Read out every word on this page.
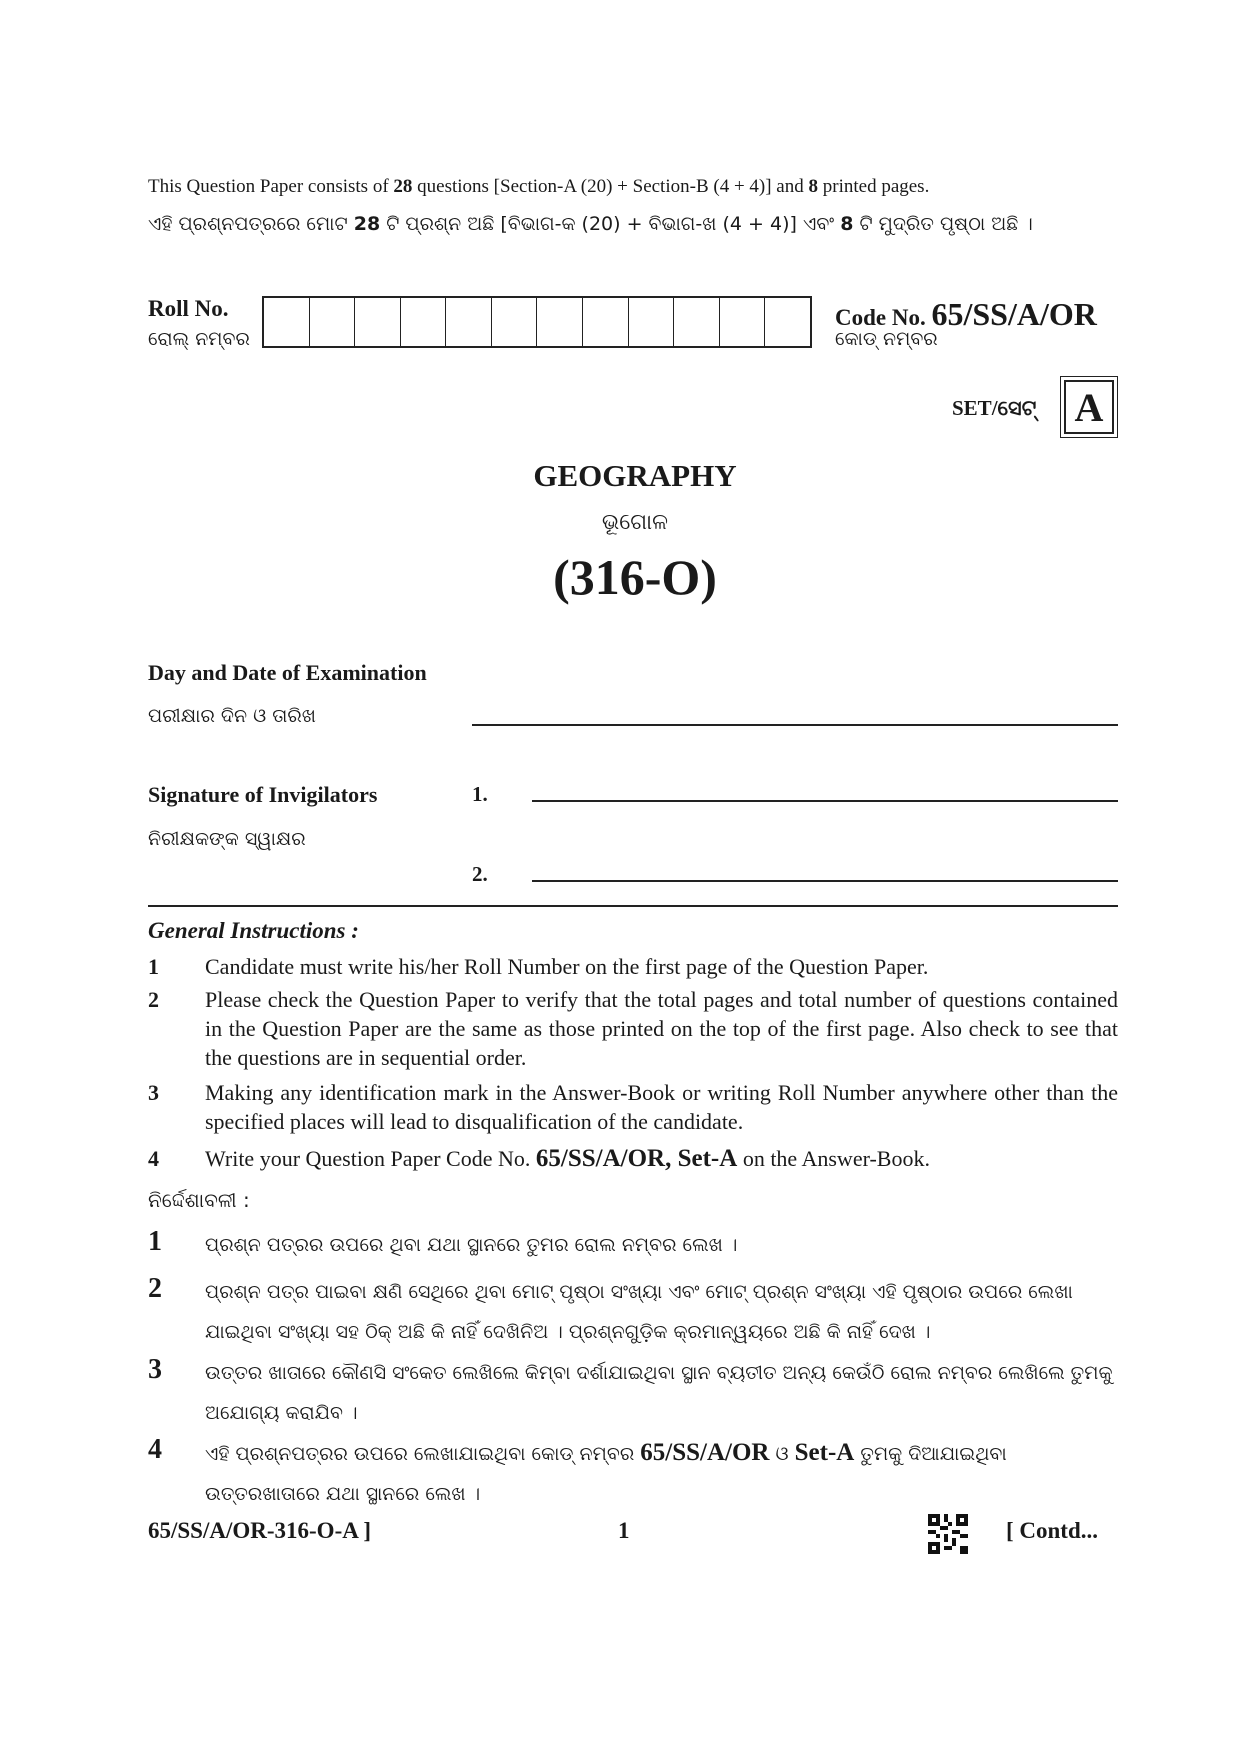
This Question Paper consists of 28 questions [Section-A (20) + Section-B (4 + 4)] and 8 printed pages.
ଏହି ପ୍ରଶ୍ନପତ୍ରରେ ମୋଟ 28 ଟି ପ୍ରଶ୍ନ ଅଛି [ବିଭାଗ-କ (20) + ବିଭାଗ-ଖ (4 + 4)] ଏବଂ 8 ଟି ମୁଦ୍ରିତ ପୃଷ୍ଠା ଅଛି ।
Roll No.
ରୋଲ୍ ନମ୍ବର
Code No. 65/SS/A/OR
କୋଡ୍ ନମ୍ବର
SET/ସେଟ୍ A
GEOGRAPHY
ଭୂଗୋଳ
(316-O)
Day and Date of Examination
ପରୀକ୍ଷାର ଦିନ ଓ ତାରିଖ
Signature of Invigilators
ନିରୀକ୍ଷକଙ୍କ ସ୍ୱାକ୍ଷର
1.
2.
General Instructions :
1	Candidate must write his/her Roll Number on the first page of the Question Paper.
2	Please check the Question Paper to verify that the total pages and total number of questions contained in the Question Paper are the same as those printed on the top of the first page. Also check to see that the questions are in sequential order.
3	Making any identification mark in the Answer-Book or writing Roll Number anywhere other than the specified places will lead to disqualification of the candidate.
4	Write your Question Paper Code No. 65/SS/A/OR, Set-A on the Answer-Book.
ନିର୍ଦ୍ଦେଶାବଳୀ :
1	ପ୍ରଶ୍ନ ପତ୍ରର ଉପରେ ଥିବା ଯଥା ସ୍ଥାନରେ ତୁମର ରୋଲ ନମ୍ବର ଲେଖ ।
2	ପ୍ରଶ୍ନ ପତ୍ର ପାଇବା କ୍ଷଣି ସେଥିରେ ଥିବା ମୋଟ୍ ପୃଷ୍ଠା ସଂଖ୍ୟା ଏବଂ ମୋଟ୍ ପ୍ରଶ୍ନ ସଂଖ୍ୟା ଏହି ପୃଷ୍ଠାର ଉପରେ ଲେଖା ଯାଇଥିବା ସଂଖ୍ୟା ସହ ଠିକ୍ ଅଛି କି ନାହିଁ ଦେଖିନିଅ । ପ୍ରଶ୍ନଗୁଡ଼ିକ କ୍ରମାନ୍ୱୟରେ ଅଛି କି ନାହିଁ ଦେଖ ।
3	ଉତ୍ତର ଖାତାରେ କୌଣସି ସଂକେତ ଲେଖିଲେ କିମ୍ବା ଦର୍ଶାଯାଇଥିବା ସ୍ଥାନ ବ୍ୟତୀତ ଅନ୍ୟ କେଉଁଠି ରୋଲ ନମ୍ବର ଲେଖିଲେ ତୁମକୁ ଅଯୋଗ୍ୟ କରାଯିବ ।
4	ଏହି ପ୍ରଶ୍ନପତ୍ରର ଉପରେ ଲେଖାଯାଇଥିବା କୋଡ୍ ନମ୍ବର 65/SS/A/OR ଓ Set-A ତୁମକୁ ଦିଆଯାଇଥିବା ଉତ୍ତରଖାତାରେ ଯଥା ସ୍ଥାନରେ ଲେଖ ।
65/SS/A/OR-316-O-A ]	1	[ Contd...
